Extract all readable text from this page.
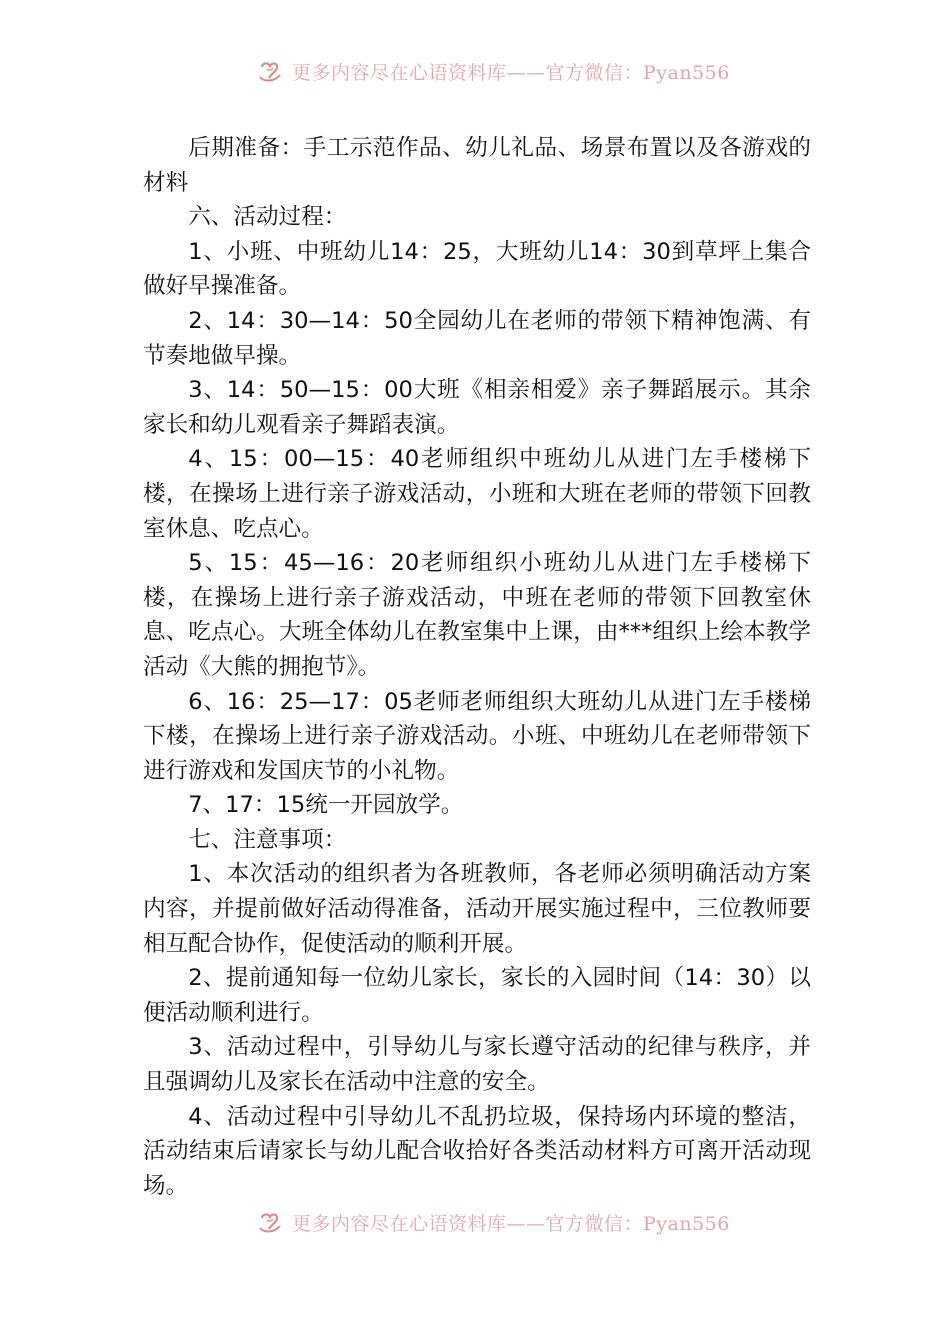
更多内容尽在心语资料库——官方微信：Pyan556

后期准备：手工示范作品、幼儿礼品、场景布置以及各游戏的材料

六、活动过程：

1、小班、中班幼儿14：25，大班幼儿14：30到草坪上集合做好早操准备。

2、14：30—14：50全园幼儿在老师的带领下精神饱满、有节奏地做早操。

3、14：50—15：00大班《相亲相爱》亲子舞蹈展示。其余家长和幼儿观看亲子舞蹈表演。

4、15：00—15：40老师组织中班幼儿从进门左手楼梯下楼，在操场上进行亲子游戏活动，小班和大班在老师的带领下回教室休息、吃点心。

5、15：45—16：20老师组织小班幼儿从进门左手楼梯下楼，在操场上进行亲子游戏活动，中班在老师的带领下回教室休息、吃点心。大班全体幼儿在教室集中上课，由***组织上绘本教学活动《大熊的拥抱节》。

6、16：25—17：05老师老师组织大班幼儿从进门左手楼梯下楼，在操场上进行亲子游戏活动。小班、中班幼儿在老师带领下进行游戏和发国庆节的小礼物。

7、17：15统一开园放学。

七、注意事项：

1、本次活动的组织者为各班教师，各老师必须明确活动方案内容，并提前做好活动得准备，活动开展实施过程中，三位教师要相互配合协作，促使活动的顺利开展。

2、提前通知每一位幼儿家长，家长的入园时间（14：30）以便活动顺利进行。

3、活动过程中，引导幼儿与家长遵守活动的纪律与秩序，并且强调幼儿及家长在活动中注意的安全。

4、活动过程中引导幼儿不乱扔垃圾，保持场内环境的整洁，活动结束后请家长与幼儿配合收拾好各类活动材料方可离开活动现场。

更多内容尽在心语资料库——官方微信：Pyan556
